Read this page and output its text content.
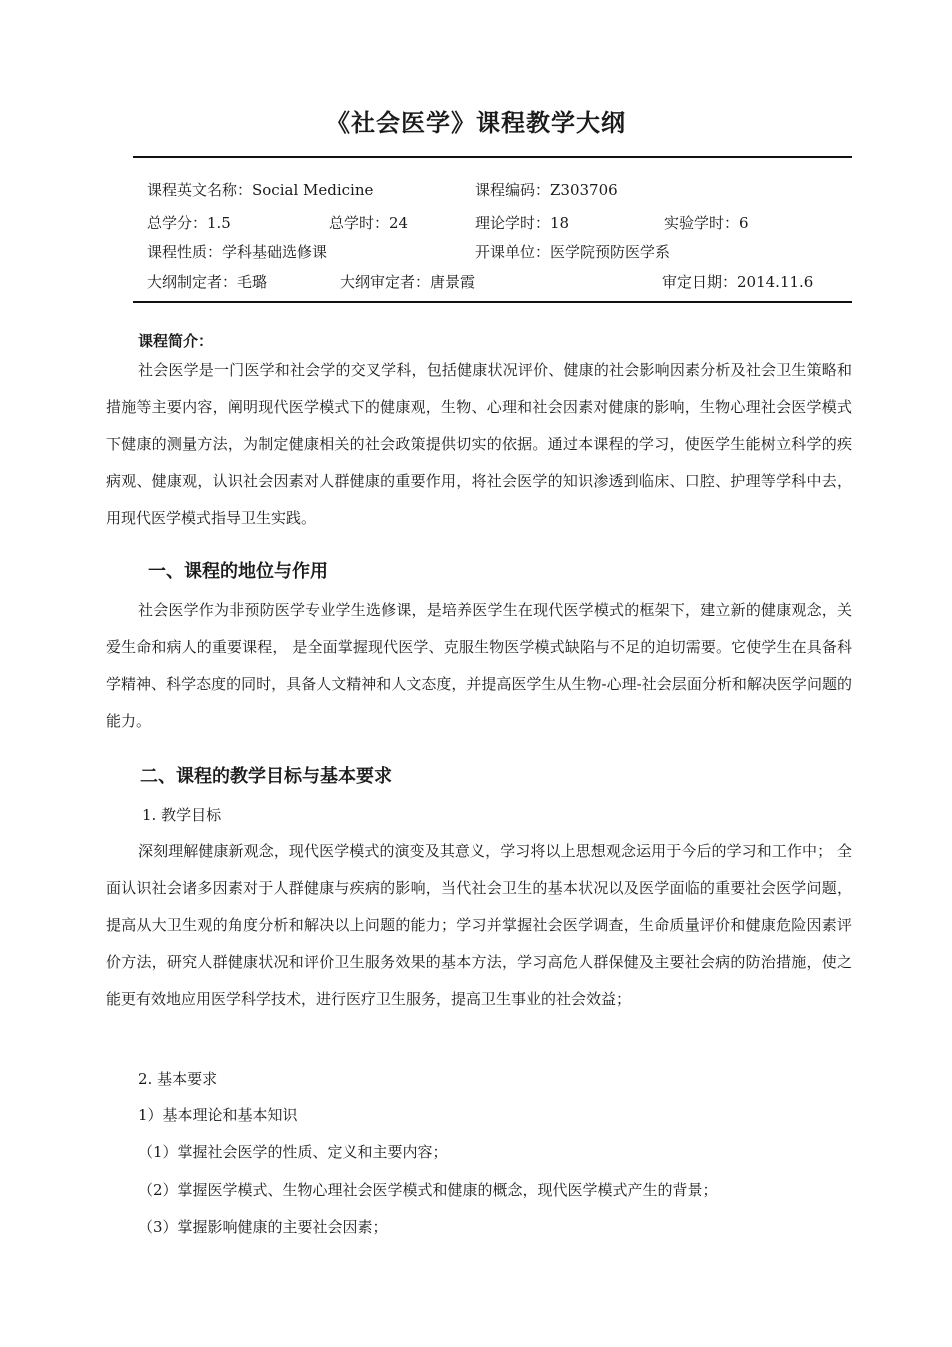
《社会医学》课程教学大纲
课程英文名称：Social Medicine	课程编码：Z303706
总学分：1.5	总学时：24	理论学时：18	实验学时：6
课程性质：学科基础选修课	开课单位：医学院预防医学系
大纲制定者：毛璐	大纲审定者：唐景霞	审定日期：2014.11.6
课程简介：

社会医学是一门医学和社会学的交叉学科，包括健康状况评价、健康的社会影响因素分析及社会卫生策略和措施等主要内容，阐明现代医学模式下的健康观，生物、心理和社会因素对健康的影响，生物心理社会医学模式下健康的测量方法，为制定健康相关的社会政策提供切实的依据。通过本课程的学习，使医学生能树立科学的疾病观、健康观，认识社会因素对人群健康的重要作用，将社会医学的知识渗透到临床、口腔、护理等学科中去，用现代医学模式指导卫生实践。

一、课程的地位与作用

社会医学作为非预防医学专业学生选修课，是培养医学生在现代医学模式的框架下，建立新的健康观念，关爱生命和病人的重要课程， 是全面掌握现代医学、克服生物医学模式缺陷与不足的迫切需要。它使学生在具备科学精神、科学态度的同时，具备人文精神和人文态度，并提高医学生从生物-心理-社会层面分析和解决医学问题的能力。

二、课程的教学目标与基本要求
1. 教学目标

深刻理解健康新观念，现代医学模式的演变及其意义，学习将以上思想观念运用于今后的学习和工作中； 全面认识社会诸多因素对于人群健康与疾病的影响，当代社会卫生的基本状况以及医学面临的重要社会医学问题，提高从大卫生观的角度分析和解决以上问题的能力；学习并掌握社会医学调查，生命质量评价和健康危险因素评价方法，研究人群健康状况和评价卫生服务效果的基本方法，学习高危人群保健及主要社会病的防治措施，使之能更有效地应用医学科学技术，进行医疗卫生服务，提高卫生事业的社会效益；

2. 基本要求
1）基本理论和基本知识
（1）掌握社会医学的性质、定义和主要内容；
（2）掌握医学模式、生物心理社会医学模式和健康的概念，现代医学模式产生的背景；
（3）掌握影响健康的主要社会因素；
